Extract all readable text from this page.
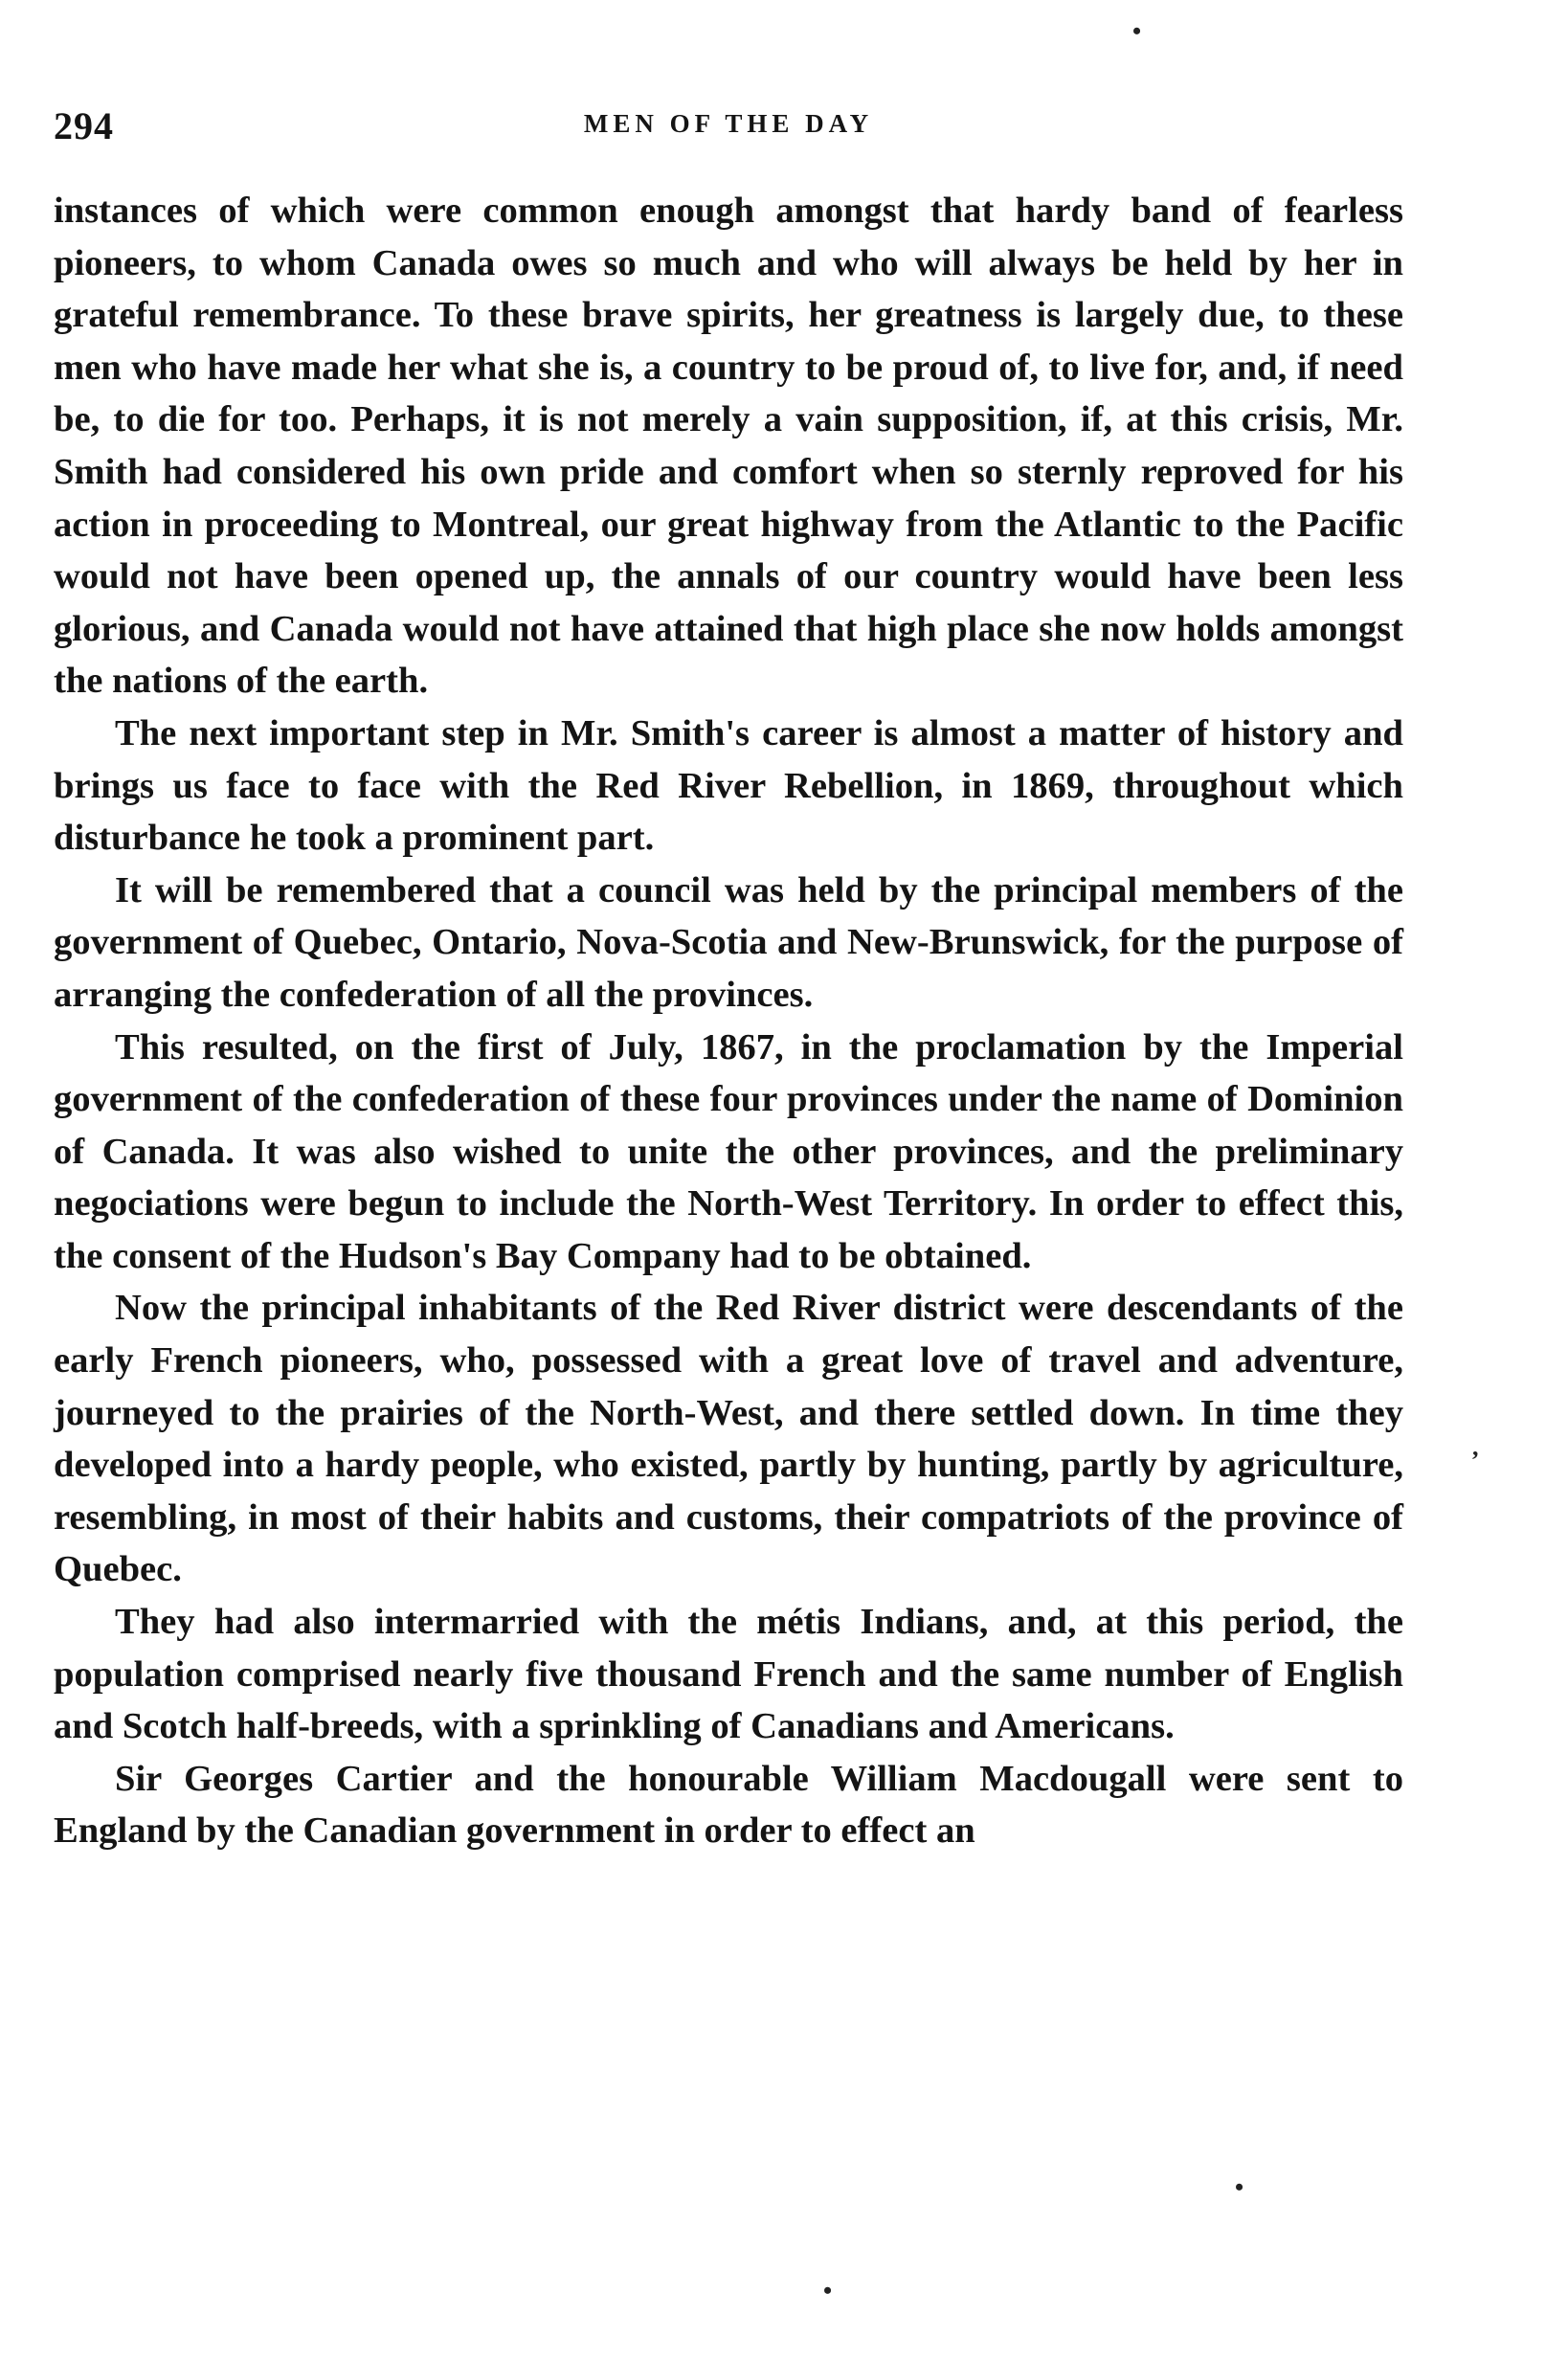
294	MEN OF THE DAY

instances of which were common enough amongst that hardy band of fearless pioneers, to whom Canada owes so much and who will always be held by her in grateful remembrance. To these brave spirits, her greatness is largely due, to these men who have made her what she is, a country to be proud of, to live for, and, if need be, to die for too. Perhaps, it is not merely a vain supposition, if, at this crisis, Mr. Smith had considered his own pride and comfort when so sternly reproved for his action in proceeding to Montreal, our great highway from the Atlantic to the Pacific would not have been opened up, the annals of our country would have been less glorious, and Canada would not have attained that high place she now holds amongst the nations of the earth.

The next important step in Mr. Smith's career is almost a matter of history and brings us face to face with the Red River Rebellion, in 1869, throughout which disturbance he took a prominent part.

It will be remembered that a council was held by the principal members of the government of Quebec, Ontario, Nova-Scotia and New-Brunswick, for the purpose of arranging the confederation of all the provinces.

This resulted, on the first of July, 1867, in the proclamation by the Imperial government of the confederation of these four provinces under the name of Dominion of Canada. It was also wished to unite the other provinces, and the preliminary negociations were begun to include the North-West Territory. In order to effect this, the consent of the Hudson's Bay Company had to be obtained.

Now the principal inhabitants of the Red River district were descendants of the early French pioneers, who, possessed with a great love of travel and adventure, journeyed to the prairies of the North-West, and there settled down. In time they developed into a hardy people, who existed, partly by hunting, partly by agriculture, resembling, in most of their habits and customs, their compatriots of the province of Quebec.

They had also intermarried with the métis Indians, and, at this period, the population comprised nearly five thousand French and the same number of English and Scotch half-breeds, with a sprinkling of Canadians and Americans.

Sir Georges Cartier and the honourable William Macdougall were sent to England by the Canadian government in order to effect an

•
,
•
•
